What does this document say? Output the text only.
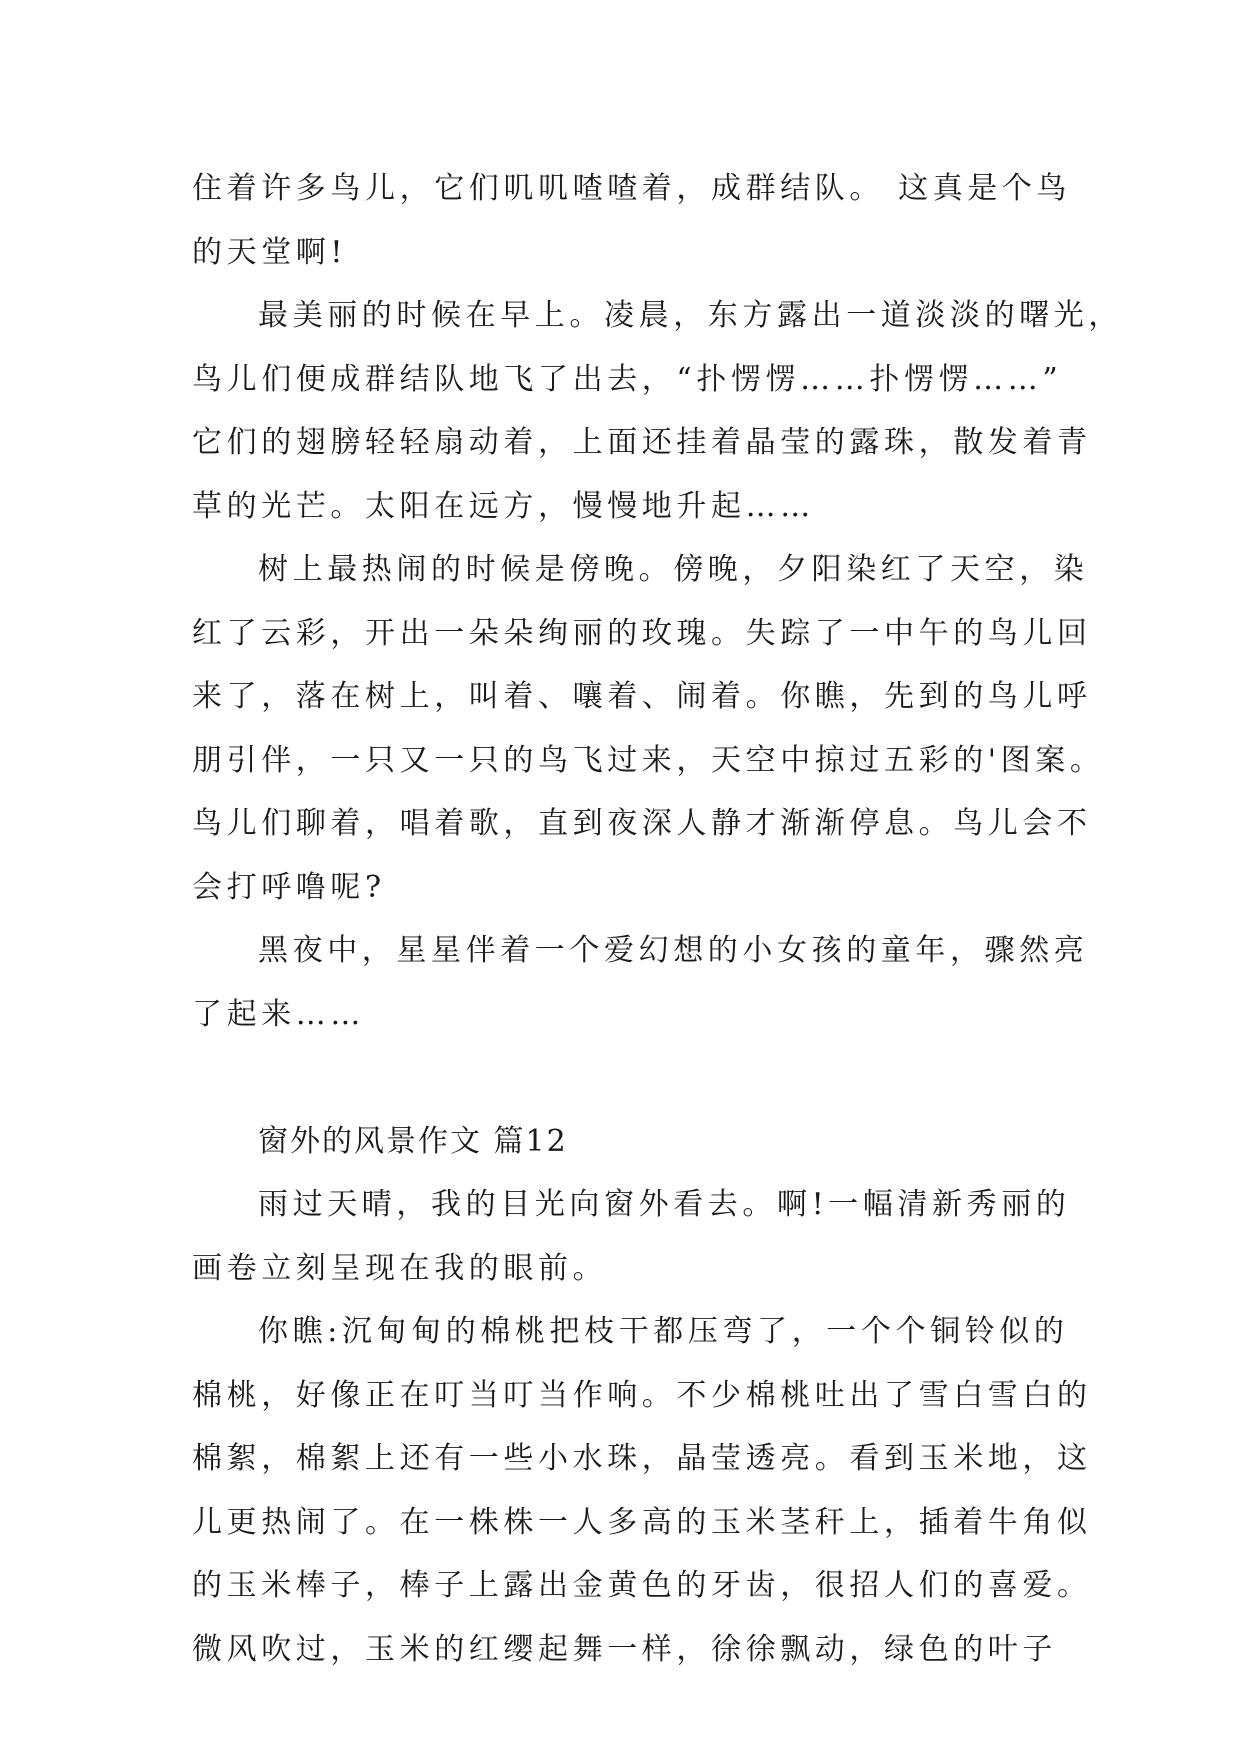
住着许多鸟儿，它们叽叽喳喳着，成群结队。 这真是个鸟
的天堂啊!
最美丽的时候在早上。凌晨，东方露出一道淡淡的曙光，
鸟儿们便成群结队地飞了出去，“扑愣愣……扑愣愣……”
它们的翅膀轻轻扇动着，上面还挂着晶莹的露珠，散发着青
草的光芒。太阳在远方，慢慢地升起……
树上最热闹的时候是傍晚。傍晚，夕阳染红了天空，染
红了云彩，开出一朵朵绚丽的玫瑰。失踪了一中午的鸟儿回
来了，落在树上，叫着、嚷着、闹着。你瞧，先到的鸟儿呼
朋引伴，一只又一只的鸟飞过来，天空中掠过五彩的'图案。
鸟儿们聊着，唱着歌，直到夜深人静才渐渐停息。鸟儿会不
会打呼噜呢?
黑夜中，星星伴着一个爱幻想的小女孩的童年，骤然亮
了起来……
窗外的风景作文 篇12
雨过天晴，我的目光向窗外看去。啊!一幅清新秀丽的
画卷立刻呈现在我的眼前。
你瞧:沉甸甸的棉桃把枝干都压弯了，一个个铜铃似的
棉桃，好像正在叮当叮当作响。不少棉桃吐出了雪白雪白的
棉絮，棉絮上还有一些小水珠，晶莹透亮。看到玉米地，这
儿更热闹了。在一株株一人多高的玉米茎秆上，插着牛角似
的玉米棒子，棒子上露出金黄色的牙齿，很招人们的喜爱。
微风吹过，玉米的红缨起舞一样，徐徐飘动，绿色的叶子
